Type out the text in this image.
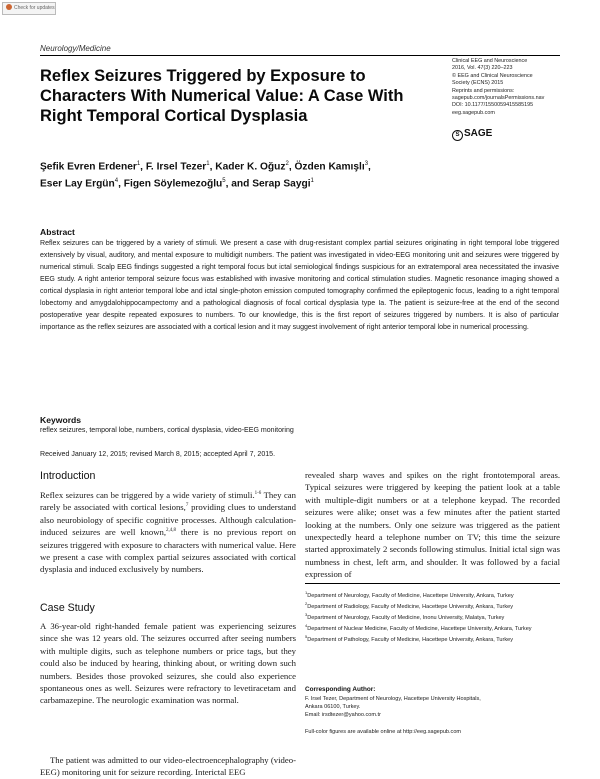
Check for updates
Neurology/Medicine
Reflex Seizures Triggered by Exposure to Characters With Numerical Value: A Case With Right Temporal Cortical Dysplasia
Clinical EEG and Neuroscience
2016, Vol. 47(3) 220–223
© EEG and Clinical Neuroscience
Society (ECNS) 2015
Reprints and permissions:
sagepub.com/journalsPermissions.nav
DOI: 10.1177/1550059415585195
eeg.sagepub.com
S SAGE
Şefik Evren Erdener$^1$, F. Irsel Tezer$^1$, Kader K. Oğuz$^2$, Özden Kamışlı$^3$,
Eser Lay Ergün$^4$, Figen Söylemezoğlu$^5$, and Serap Saygi$^1$
Abstract
Reflex seizures can be triggered by a variety of stimuli. We present a case with drug-resistant complex partial seizures originating in right temporal lobe triggered extensively by visual, auditory, and mental exposure to multidigit numbers. The patient was investigated in video-EEG monitoring unit and seizures were triggered by numerical stimuli. Scalp EEG findings suggested a right temporal focus but ictal semiological findings suspicious for an extratemporal area necessitated the invasive EEG study. A right anterior temporal seizure focus was established with invasive monitoring and cortical stimulation studies. Magnetic resonance imaging showed a cortical dysplasia in right anterior temporal lobe and ictal single-photon emission computed tomography confirmed the epileptogenic focus, leading to a right temporal lobectomy and amygdalohippocampectomy and a pathological diagnosis of focal cortical dysplasia type Ia. The patient is seizure-free at the end of the second postoperative year despite repeated exposures to numbers. To our knowledge, this is the first report of seizures triggered by numbers. It is also of particular importance as the reflex seizures are associated with a cortical lesion and it may suggest involvement of right anterior temporal lobe in numerical processing.
Keywords
reflex seizures, temporal lobe, numbers, cortical dysplasia, video-EEG monitoring
Received January 12, 2015; revised March 8, 2015; accepted April 7, 2015.
Introduction
Reflex seizures can be triggered by a wide variety of stimuli.$^{1-6}$ They can rarely be associated with cortical lesions,$^7$ providing clues to understand also neurobiology of specific cognitive processes. Although calculation-induced seizures are well known,$^{2,4,8}$ there is no previous report on seizures triggered with exposure to characters with numerical value. Here we present a case with complex partial seizures associated with cortical dysplasia and induced exclusively by numbers.
Case Study
A 36-year-old right-handed female patient was experiencing seizures since she was 12 years old. The seizures occurred after seeing numbers with multiple digits, such as telephone numbers or price tags, but they could also be induced by hearing, thinking about, or writing down such numbers. Besides those provoked seizures, she could also experience spontaneous ones as well. Seizures were refractory to levetiracetam and carbamazepine. The neurologic examination was normal.
The patient was admitted to our video-electroencephalography (video-EEG) monitoring unit for seizure recording. Interictal EEG
revealed sharp waves and spikes on the right frontotemporal areas. Typical seizures were triggered by keeping the patient look at a table with multiple-digit numbers or at a telephone keypad. The recorded seizures were alike; onset was a few minutes after the patient started looking at the numbers. Only one seizure was triggered as the patient unexpectedly heard a telephone number on TV; this time the seizure started approximately 2 seconds following stimulus. Initial ictal sign was numbness in chest, left arm, and shoulder. It was followed by a facial expression of
$^1$Department of Neurology, Faculty of Medicine, Hacettepe University, Ankara, Turkey
$^2$Department of Radiology, Faculty of Medicine, Hacettepe University, Ankara, Turkey
$^3$Department of Neurology, Faculty of Medicine, Inonu University, Malatya, Turkey
$^4$Department of Nuclear Medicine, Faculty of Medicine, Hacettepe University, Ankara, Turkey
$^5$Department of Pathology, Faculty of Medicine, Hacettepe University, Ankara, Turkey
Corresponding Author:
F. Irsel Tezer, Department of Neurology, Hacettepe University Hospitals,
Ankara 06100, Turkey.
Email: irsdtezer@yahoo.com.tr
Full-color figures are available online at http://eeg.sagepub.com
